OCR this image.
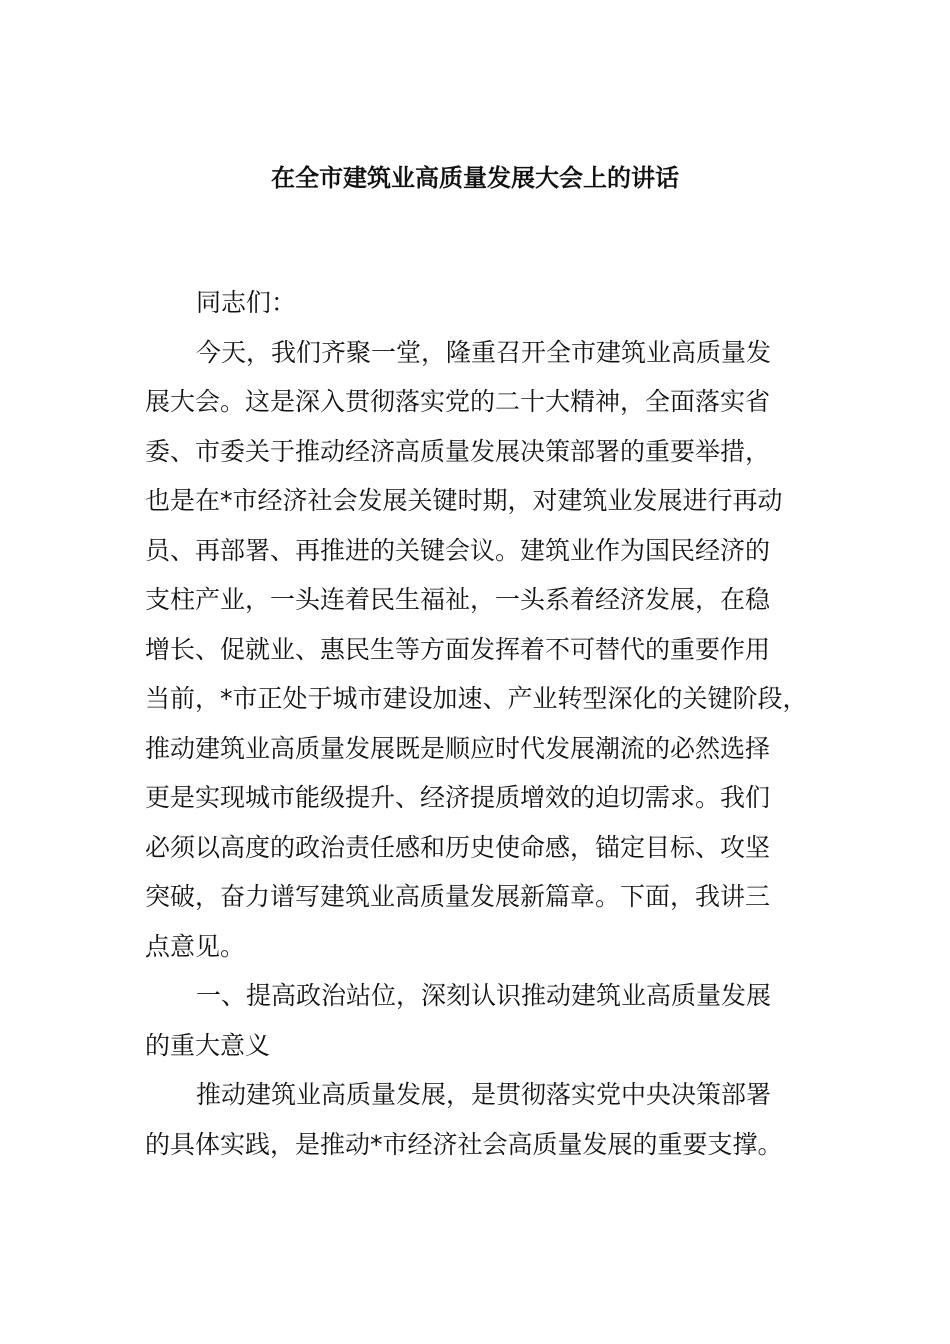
在全市建筑业高质量发展大会上的讲话
同志们：
今天，我们齐聚一堂，隆重召开全市建筑业高质量发
展大会。这是深入贯彻落实党的二十大精神，全面落实省
委、市委关于推动经济高质量发展决策部署的重要举措，
也是在*市经济社会发展关键时期，对建筑业发展进行再动
员、再部署、再推进的关键会议。建筑业作为国民经济的
支柱产业，一头连着民生福祉，一头系着经济发展，在稳
增长、促就业、惠民生等方面发挥着不可替代的重要作用
当前，*市正处于城市建设加速、产业转型深化的关键阶段，
推动建筑业高质量发展既是顺应时代发展潮流的必然选择
更是实现城市能级提升、经济提质增效的迫切需求。我们
必须以高度的政治责任感和历史使命感，锚定目标、攻坚
突破，奋力谱写建筑业高质量发展新篇章。下面，我讲三
点意见。
一、提高政治站位，深刻认识推动建筑业高质量发展
的重大意义
推动建筑业高质量发展，是贯彻落实党中央决策部署
的具体实践，是推动*市经济社会高质量发展的重要支撑。
